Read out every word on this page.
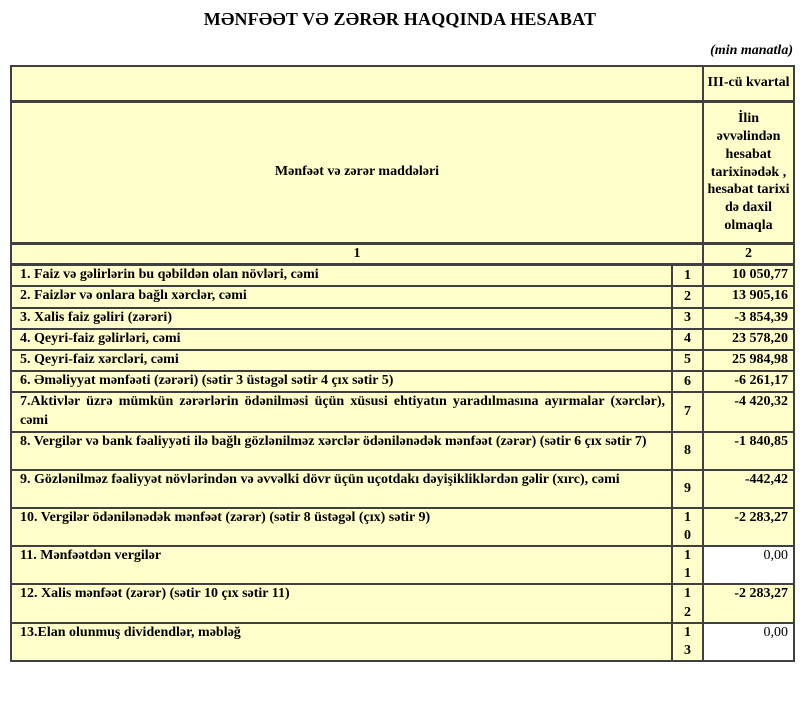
MƏNFƏƏT VƏ ZƏRƏR HAQQINDA HESABAT
(min manatla)
		III-cü kvartal
Mənfəət və zərər maddələri		İlin əvvəlindən hesabat tarixinədək , hesabat tarixi də daxil olmaqla
1		2
1. Faiz və gəlirlərin bu qəbildən olan növləri, cəmi	1	10 050,77
2. Faizlər və onlara bağlı xərclər, cəmi	2	13 905,16
3. Xalis faiz gəliri (zərəri)	3	-3 854,39
4. Qeyri-faiz gəlirləri, cəmi	4	23 578,20
5. Qeyri-faiz xərcləri, cəmi	5	25 984,98
6. Əməliyyat mənfəəti (zərəri) (sətir 3 üstəgəl sətir 4 çıx sətir 5)	6	-6 261,17
7.Aktivlər üzrə mümkün zərərlərin ödənilməsi üçün xüsusi ehtiyatın yaradılmasına ayırmalar (xərclər), cəmi	7	-4 420,32
8. Vergilər və bank fəaliyyəti ilə bağlı gözlənilməz xərclər ödənilənədək mənfəət (zərər) (sətir 6 çıx sətir 7)	8	-1 840,85
9. Gözlənilməz fəaliyyət növlərindən və əvvəlki dövr üçün uçotdakı dəyişikliklərdən gəlir (xırc), cəmi	9	-442,42
10. Vergilər ödənilənədək mənfəət (zərər) (sətir 8 üstəgəl (çıx) sətir 9)	10	-2 283,27
11. Mənfəətdən vergilər	11	0,00
12. Xalis mənfəət (zərər) (sətir 10 çıx sətir 11)	12	-2 283,27
13.Elan olunmuş dividendlər, məbləğ	13	0,00
